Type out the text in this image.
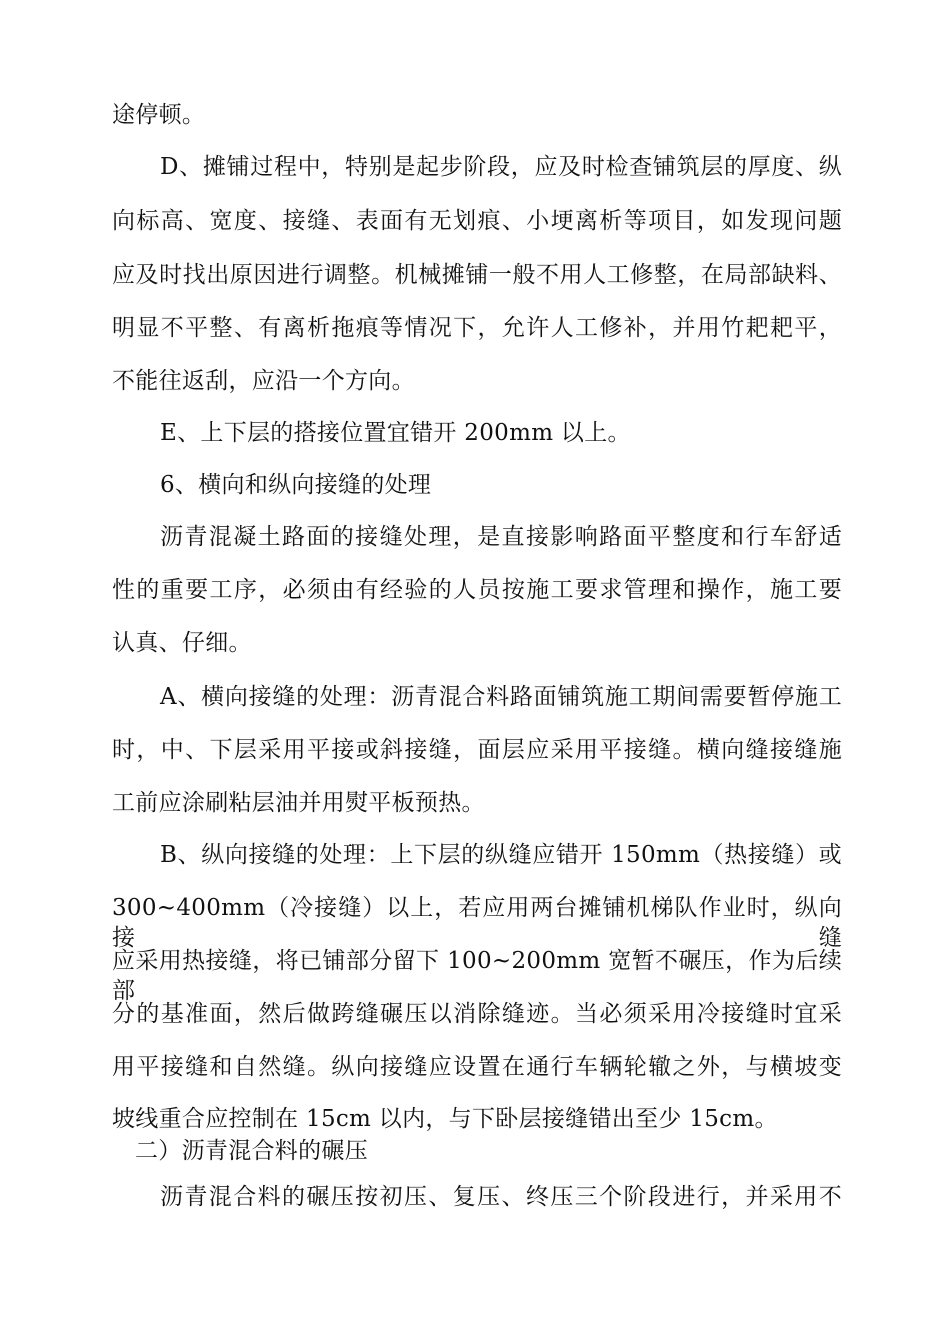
途停顿。
D、摊铺过程中，特别是起步阶段，应及时检查铺筑层的厚度、纵
向标高、宽度、接缝、表面有无划痕、小埂离析等项目，如发现问题
应及时找出原因进行调整。机械摊铺一般不用人工修整，在局部缺料、
明显不平整、有离析拖痕等情况下，允许人工修补，并用竹耙耙平，
不能往返刮，应沿一个方向。
E、上下层的搭接位置宜错开 200mm 以上。
6、横向和纵向接缝的处理
沥青混凝土路面的接缝处理，是直接影响路面平整度和行车舒适
性的重要工序，必须由有经验的人员按施工要求管理和操作，施工要
认真、仔细。
A、横向接缝的处理：沥青混合料路面铺筑施工期间需要暂停施工
时，中、下层采用平接或斜接缝，面层应采用平接缝。横向缝接缝施
工前应涂刷粘层油并用熨平板预热。
B、纵向接缝的处理：上下层的纵缝应错开 150mm（热接缝）或
300~400mm（冷接缝）以上，若应用两台摊铺机梯队作业时，纵向接缝
应采用热接缝，将已铺部分留下 100~200mm 宽暂不碾压，作为后续部
分的基准面，然后做跨缝碾压以消除缝迹。当必须采用冷接缝时宜采
用平接缝和自然缝。纵向接缝应设置在通行车辆轮辙之外，与横坡变
坡线重合应控制在 15cm 以内，与下卧层接缝错出至少 15cm。
二）沥青混合料的碾压
沥青混合料的碾压按初压、复压、终压三个阶段进行，并采用不
